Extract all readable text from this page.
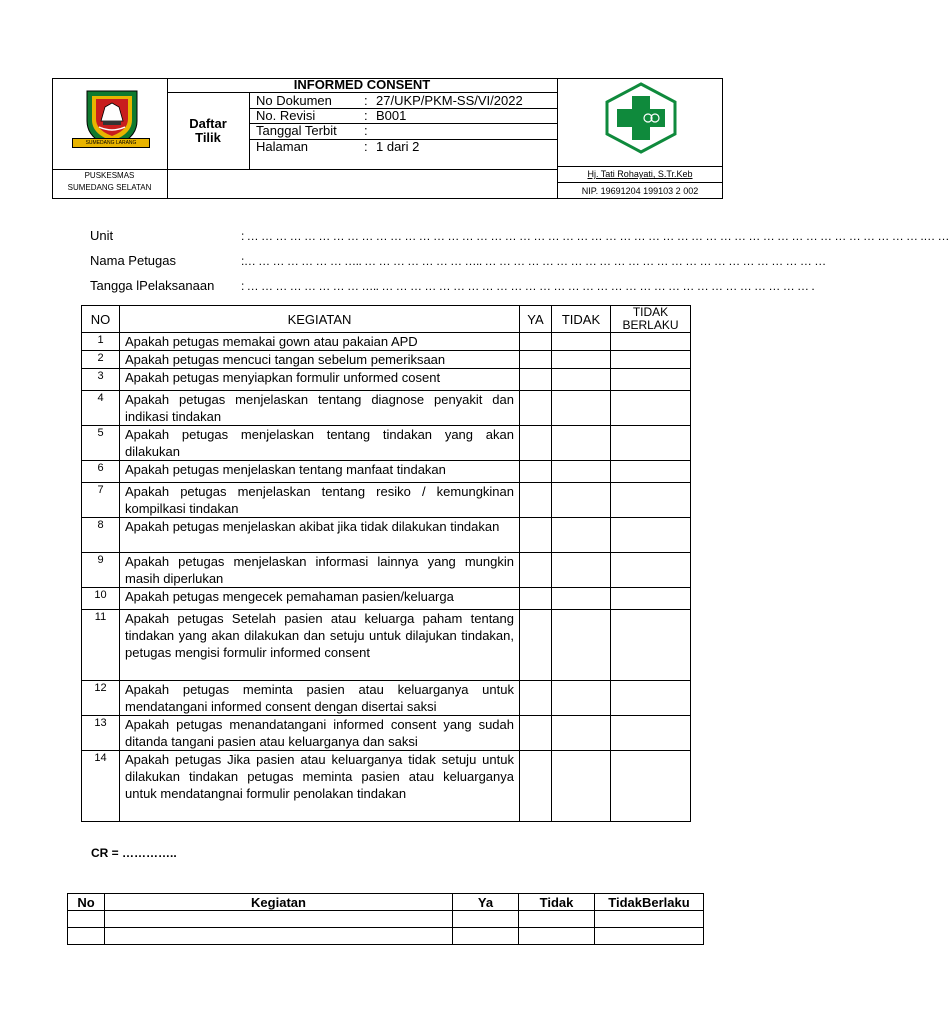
SUMEDANG LARANG
PUSKESMAS
SUMEDANG SELATAN
INFORMED CONSENT
Daftar
Tilik
No Dokumen : 27/UKP/PKM-SS/VI/2022
No. Revisi	: B001
Tanggal Terbit :
Halaman	: 1 dari 2
Hj. Tati Rohayati, S.Tr.Keb
NIP. 19691204 199103 2 002
Unit	: … … … … … … … … … … … … … … … … … … … … … … … … … … … … … … … … … … … … … … … … … … … … … … … .… …
Nama Petugas	:… … … … … … … ….. … … … … … … … ….. … … … … … … … … … … … … … … … … … … … … … … … …
Tangga lPelaksanaan : … … … … … … … … ….. … … … … … … … … … … … … … … … … … … … … … … … … … … … … … … .
NO	KEGIATAN	YA	TIDAK	TIDAK BERLAKU
1	Apakah petugas memakai gown atau pakaian APD			
2	Apakah petugas mencuci tangan sebelum pemeriksaan			
3	Apakah petugas menyiapkan formulir unformed cosent			
4	Apakah petugas menjelaskan tentang diagnose penyakit dan indikasi tindakan			
5	Apakah petugas menjelaskan tentang tindakan yang akan dilakukan			
6	Apakah petugas menjelaskan tentang manfaat tindakan			
7	Apakah petugas menjelaskan tentang resiko / kemungkinan kompilkasi tindakan			
8	Apakah petugas menjelaskan akibat jika tidak dilakukan tindakan			
9	Apakah petugas menjelaskan informasi lainnya yang mungkin masih diperlukan			
10	Apakah petugas mengecek pemahaman pasien/keluarga			
11	Apakah petugas Setelah pasien atau keluarga paham tentang tindakan yang akan dilakukan dan setuju untuk dilajukan tindakan, petugas mengisi formulir informed consent			
12	Apakah petugas meminta pasien atau keluarganya untuk mendatangani informed consent dengan disertai saksi			
13	Apakah petugas menandatangani informed consent yang sudah ditanda tangani pasien atau keluarganya dan saksi			
14	Apakah petugas Jika pasien atau keluarganya tidak setuju untuk dilakukan tindakan petugas meminta pasien atau keluarganya untuk mendatangnai formulir penolakan tindakan			
CR = …………..
No	Kegiatan	Ya	Tidak	TidakBerlaku
